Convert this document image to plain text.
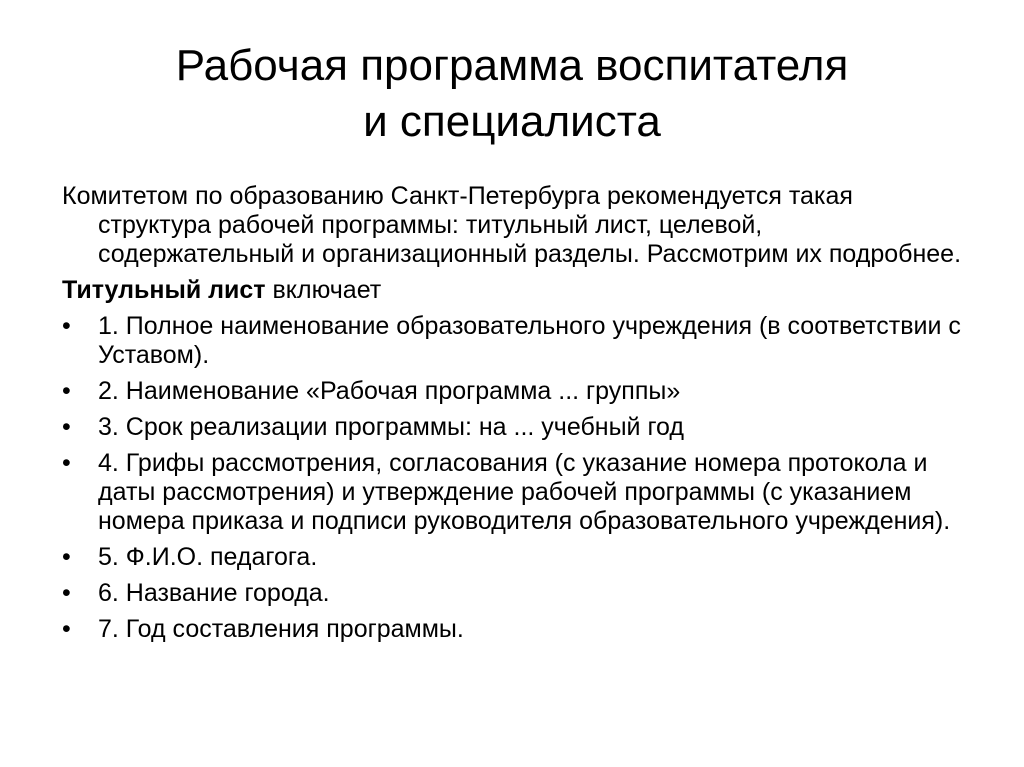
Рабочая программа воспитателя
и специалиста

Комитетом по образованию Санкт-Петербурга рекомендуется такая структура рабочей программы: титульный лист, целевой, содержательный и организационный разделы. Рассмотрим их подробнее.

Титульный лист включает

•	1. Полное наименование образовательного учреждения (в соответствии с Уставом).
•	2. Наименование «Рабочая программа ... группы»
•	3. Срок реализации программы: на ... учебный год
•	4. Грифы рассмотрения, согласования (с указание номера протокола и даты рассмотрения) и утверждение рабочей программы (с указанием номера приказа и подписи руководителя образовательного учреждения).
•	5. Ф.И.О. педагога.
•	6. Название города.
•	7. Год составления программы.
